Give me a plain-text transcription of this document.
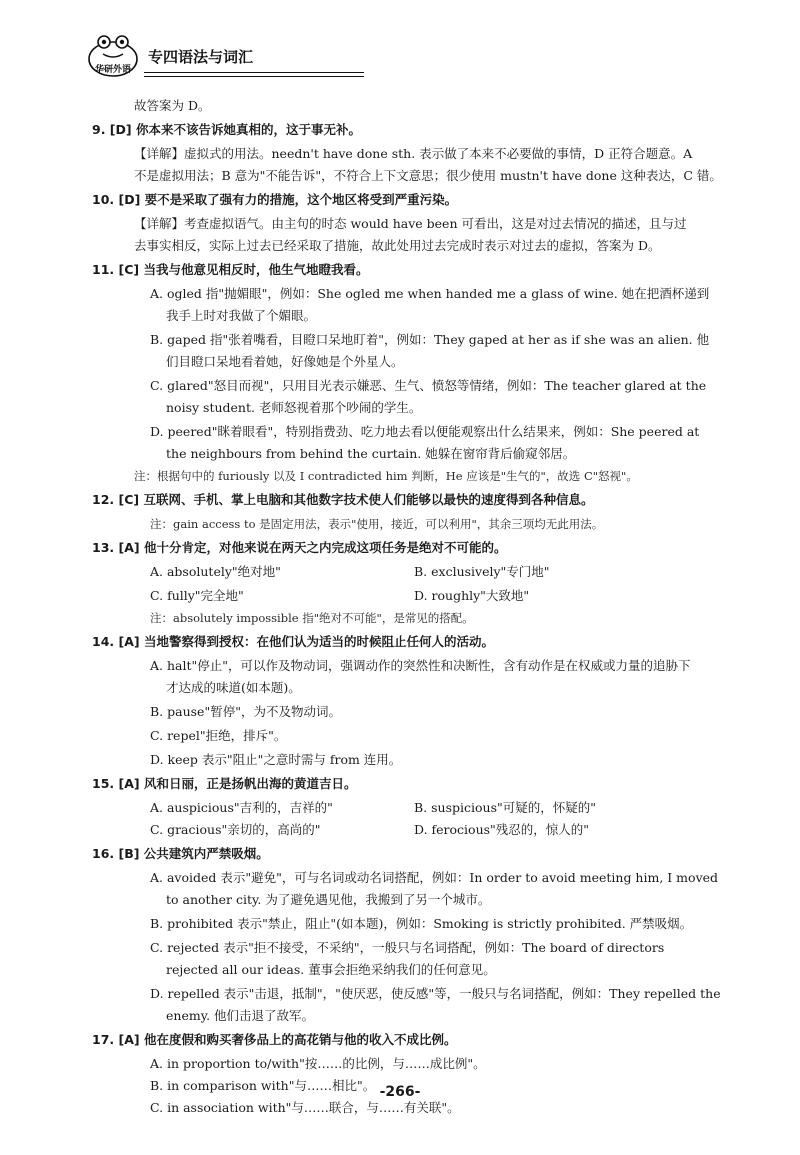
华研外语
专四语法与词汇
故答案为 D。
9. [D] 你本来不该告诉她真相的，这于事无补。
【详解】虚拟式的用法。needn't have done sth. 表示做了本来不必要做的事情，D 正符合题意。A
不是虚拟用法；B 意为"不能告诉"，不符合上下文意思；很少使用 mustn't have done 这种表达，C 错。
10. [D] 要不是采取了强有力的措施，这个地区将受到严重污染。
【详解】考查虚拟语气。由主句的时态 would have been 可看出，这是对过去情况的描述，且与过
去事实相反，实际上过去已经采取了措施，故此处用过去完成时表示对过去的虚拟，答案为 D。
11. [C] 当我与他意见相反时，他生气地瞪我看。
A. ogled 指"抛媚眼"，例如：She ogled me when handed me a glass of wine. 她在把酒杯递到
我手上时对我做了个媚眼。
B. gaped 指"张着嘴看，目瞪口呆地盯着"，例如：They gaped at her as if she was an alien. 他
们目瞪口呆地看着她，好像她是个外星人。
C. glared"怒目而视"，只用目光表示嫌恶、生气、愤怒等情绪，例如：The teacher glared at the
noisy student. 老师怒视着那个吵闹的学生。
D. peered"眯着眼看"，特别指费劲、吃力地去看以便能观察出什么结果来，例如：She peered at
the neighbours from behind the curtain. 她躲在窗帘背后偷窥邻居。
注：根据句中的 furiously 以及 I contradicted him 判断，He 应该是"生气的"，故选 C"怒视"。
12. [C] 互联网、手机、掌上电脑和其他数字技术使人们能够以最快的速度得到各种信息。
注：gain access to 是固定用法，表示"使用，接近，可以利用"，其余三项均无此用法。
13. [A] 他十分肯定，对他来说在两天之内完成这项任务是绝对不可能的。
A. absolutely"绝对地"	B. exclusively"专门地"
C. fully"完全地"	D. roughly"大致地"
注：absolutely impossible 指"绝对不可能"，是常见的搭配。
14. [A] 当地警察得到授权：在他们认为适当的时候阻止任何人的活动。
A. halt"停止"，可以作及物动词，强调动作的突然性和决断性，含有动作是在权威或力量的追胁下
才达成的味道(如本题)。
B. pause"暂停"，为不及物动词。
C. repel"拒绝，排斥"。
D. keep 表示"阻止"之意时需与 from 连用。
15. [A] 风和日丽，正是扬帆出海的黄道吉日。
A. auspicious"吉利的，吉祥的"	B. suspicious"可疑的，怀疑的"
C. gracious"亲切的，高尚的"	D. ferocious"残忍的，惊人的"
16. [B] 公共建筑内严禁吸烟。
A. avoided 表示"避免"，可与名词或动名词搭配，例如：In order to avoid meeting him, I moved
to another city. 为了避免遇见他，我搬到了另一个城市。
B. prohibited 表示"禁止，阻止"(如本题)，例如：Smoking is strictly prohibited. 严禁吸烟。
C. rejected 表示"拒不接受，不采纳"，一般只与名词搭配，例如：The board of directors
rejected all our ideas. 董事会拒绝采纳我们的任何意见。
D. repelled 表示"击退，抵制"，"使厌恶，使反感"等，一般只与名词搭配，例如：They repelled the
enemy. 他们击退了敌军。
17. [A] 他在度假和购买奢侈品上的高花销与他的收入不成比例。
A. in proportion to/with"按……的比例，与……成比例"。
B. in comparison with"与……相比"。
C. in association with"与……联合，与……有关联"。
-266-
